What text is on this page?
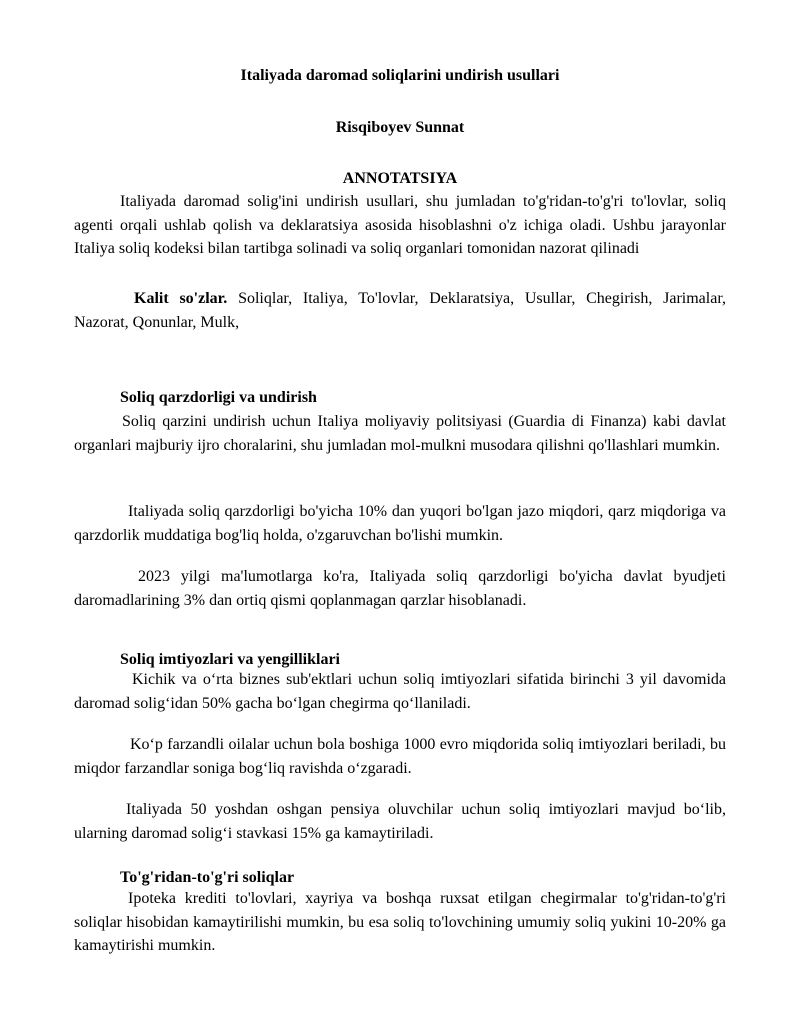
Italiyada daromad soliqlarini undirish usullari
Risqiboyev Sunnat
ANNOTATSIYA
Italiyada daromad solig'ini undirish usullari, shu jumladan to'g'ridan-to'g'ri to'lovlar, soliq agenti orqali ushlab qolish va deklaratsiya asosida hisoblashni o'z ichiga oladi. Ushbu jarayonlar Italiya soliq kodeksi bilan tartibga solinadi va soliq organlari tomonidan nazorat qilinadi
Kalit so'zlar. Soliqlar, Italiya, To'lovlar, Deklaratsiya, Usullar, Chegirish, Jarimalar, Nazorat, Qonunlar, Mulk,
Soliq qarzdorligi va undirish
Soliq qarzini undirish uchun Italiya moliyaviy politsiyasi (Guardia di Finanza) kabi davlat organlari majburiy ijro choralarini, shu jumladan mol-mulkni musodara qilishni qo'llashlari mumkin.
Italiyada soliq qarzdorligi bo'yicha 10% dan yuqori bo'lgan jazo miqdori, qarz miqdoriga va qarzdorlik muddatiga bog'liq holda, o'zgaruvchan bo'lishi mumkin.
2023 yilgi ma'lumotlarga ko'ra, Italiyada soliq qarzdorligi bo'yicha davlat byudjeti daromadlarining 3% dan ortiq qismi qoplanmagan qarzlar hisoblanadi.
Soliq imtiyozlari va yengilliklari
Kichik va o‘rta biznes sub'ektlari uchun soliq imtiyozlari sifatida birinchi 3 yil davomida daromad solig‘idan 50% gacha bo‘lgan chegirma qo‘llaniladi.
Ko‘p farzandli oilalar uchun bola boshiga 1000 evro miqdorida soliq imtiyozlari beriladi, bu miqdor farzandlar soniga bog‘liq ravishda o‘zgaradi.
Italiyada 50 yoshdan oshgan pensiya oluvchilar uchun soliq imtiyozlari mavjud bo‘lib, ularning daromad solig‘i stavkasi 15% ga kamaytiriladi.
To'g'ridan-to'g'ri soliqlar
Ipoteka krediti to'lovlari, xayriya va boshqa ruxsat etilgan chegirmalar to'g'ridan-to'g'ri soliqlar hisobidan kamaytirilishi mumkin, bu esa soliq to'lovchining umumiy soliq yukini 10-20% ga kamaytirishi mumkin.
